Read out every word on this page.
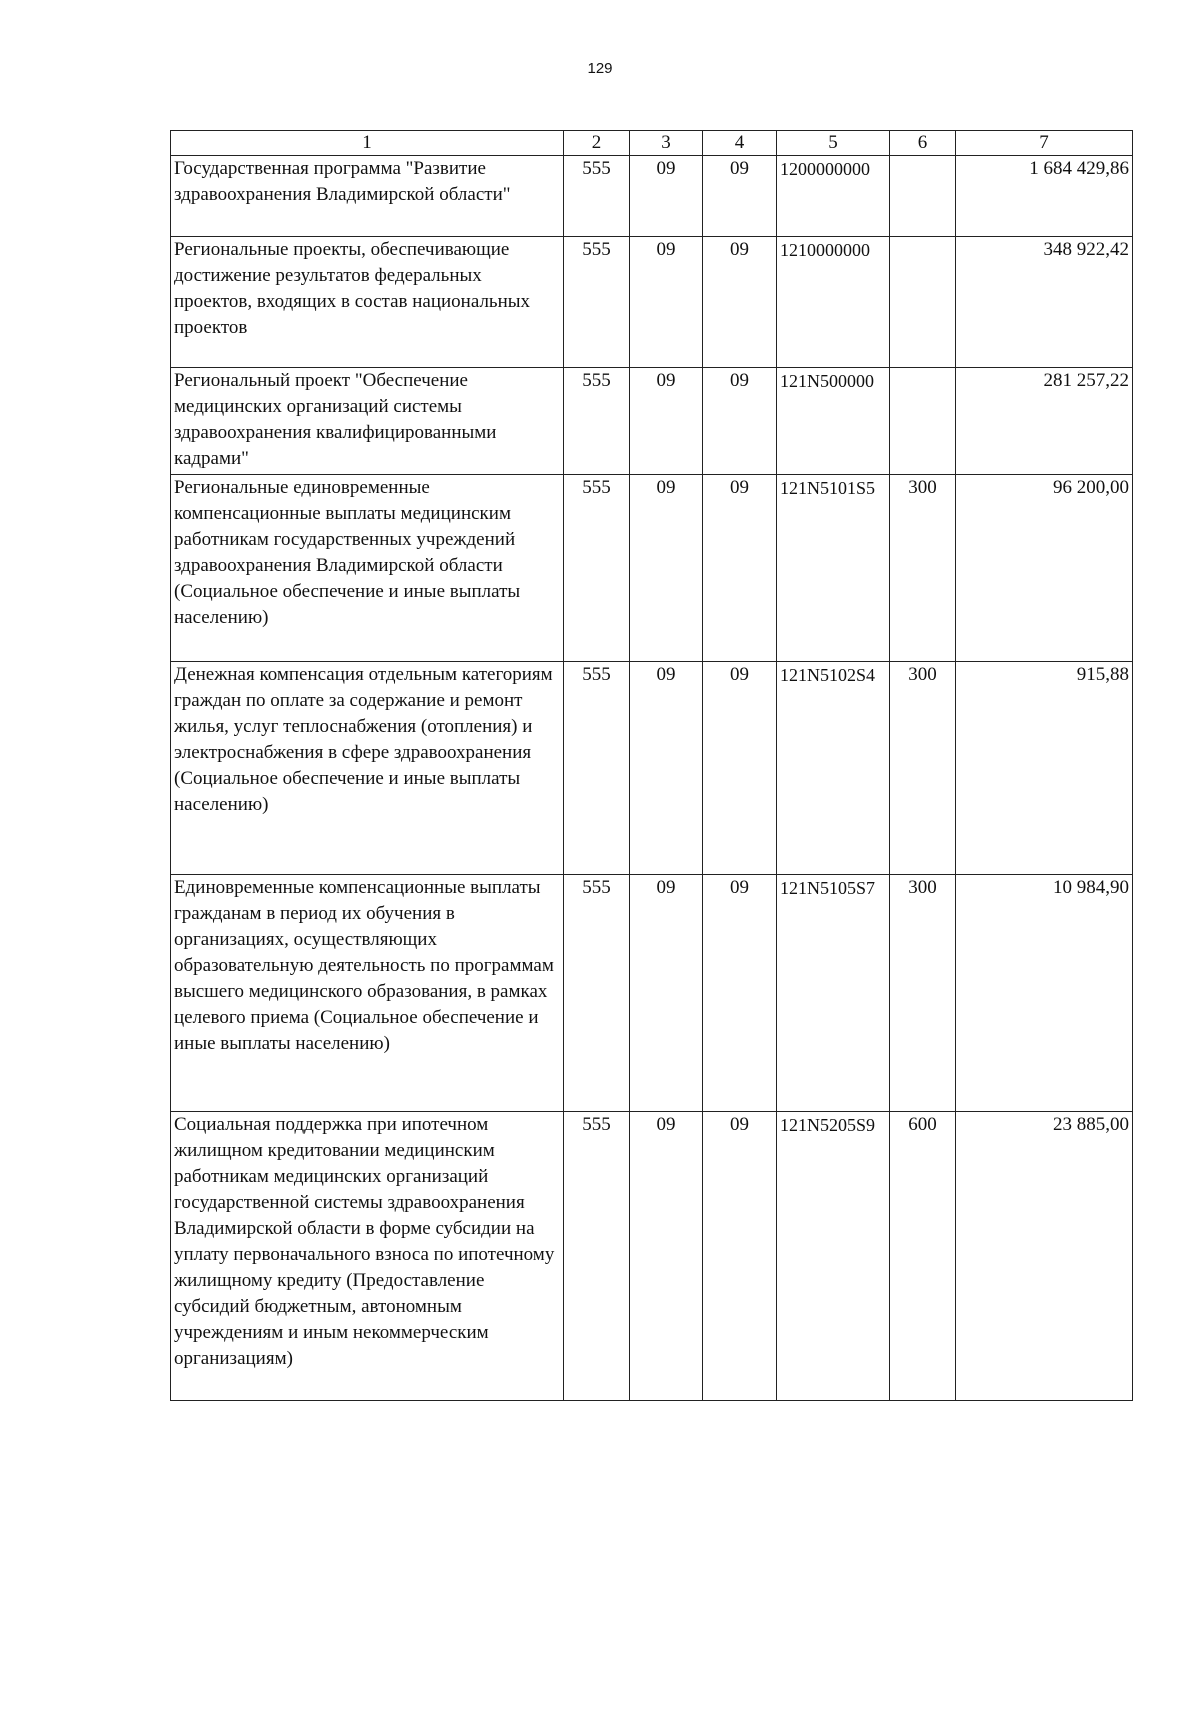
129
1	2	3	4	5	6	7
Государственная программа "Развитие здравоохранения Владимирской области"	555	09	09	1200000000		1 684 429,86
Региональные проекты, обеспечивающие достижение результатов федеральных проектов, входящих в состав национальных проектов	555	09	09	1210000000		348 922,42
Региональный проект "Обеспечение медицинских организаций системы здравоохранения квалифицированными кадрами"	555	09	09	121N500000		281 257,22
Региональные единовременные компенсационные выплаты медицинским работникам государственных учреждений здравоохранения Владимирской области (Социальное обеспечение и иные выплаты населению)	555	09	09	121N5101S5	300	96 200,00
Денежная компенсация отдельным категориям граждан по оплате за содержание и ремонт жилья, услуг теплоснабжения (отопления) и электроснабжения в сфере здравоохранения (Социальное обеспечение и иные выплаты населению)	555	09	09	121N5102S4	300	915,88
Единовременные компенсационные выплаты гражданам в период их обучения в организациях, осуществляющих образовательную деятельность по программам высшего медицинского образования, в рамках целевого приема (Социальное обеспечение и иные выплаты населению)	555	09	09	121N5105S7	300	10 984,90
Социальная поддержка при ипотечном жилищном кредитовании медицинским работникам медицинских организаций государственной системы здравоохранения Владимирской области в форме субсидии на уплату первоначального взноса по ипотечному жилищному кредиту (Предоставление субсидий бюджетным, автономным учреждениям и иным некоммерческим организациям)	555	09	09	121N5205S9	600	23 885,00
